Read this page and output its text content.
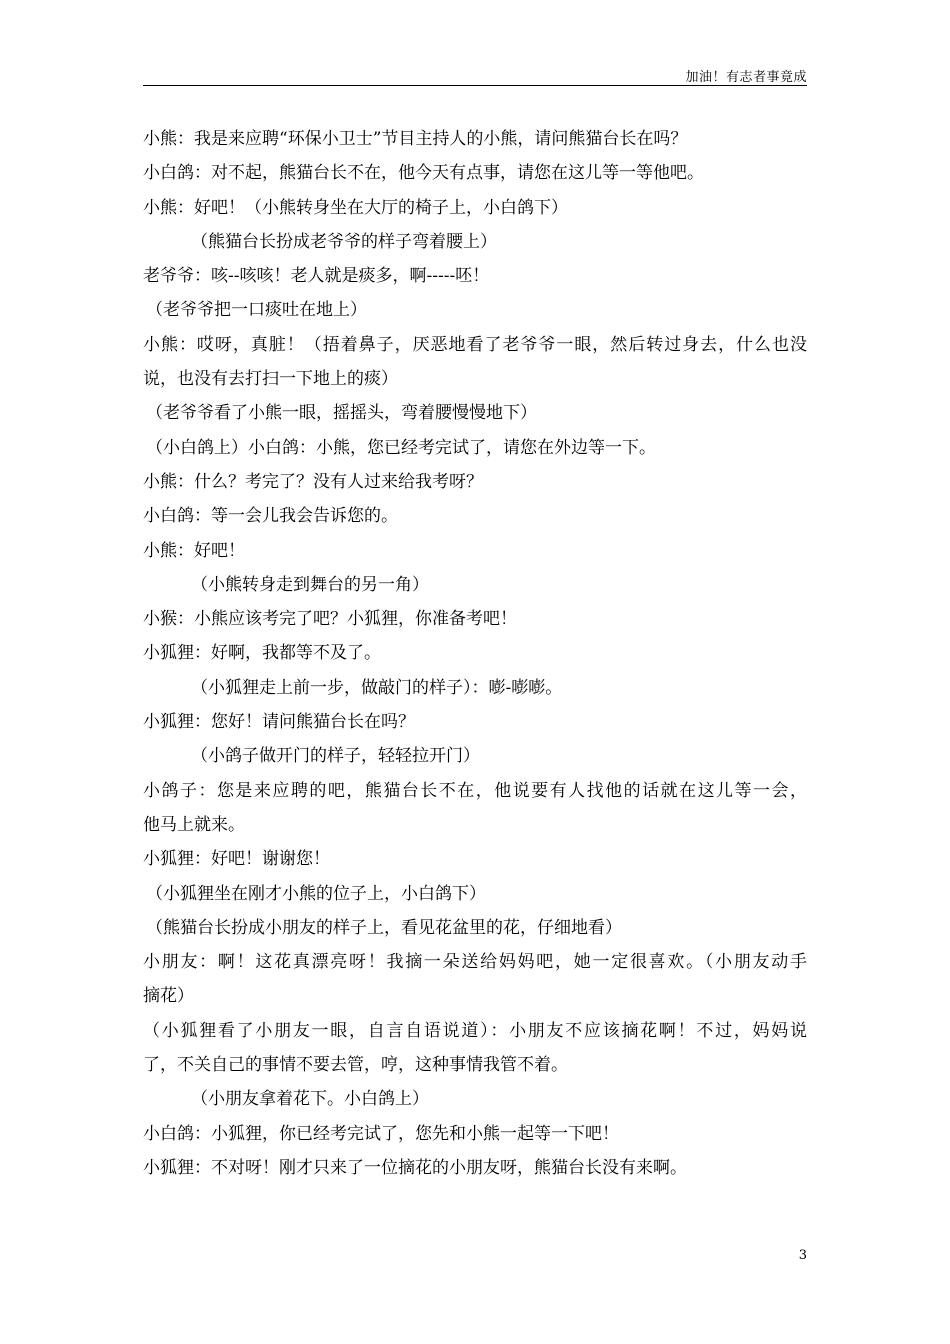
加油！有志者事竟成
小熊：我是来应聘“环保小卫士”节目主持人的小熊，请问熊猫台长在吗？
小白鸽：对不起，熊猫台长不在，他今天有点事，请您在这儿等一等他吧。
小熊：好吧！（小熊转身坐在大厅的椅子上，小白鸽下）
（熊猫台长扮成老爷爷的样子弯着腰上）
老爷爷：咳--咳咳！老人就是痰多，啊-----呸！
（老爷爷把一口痰吐在地上）
小熊：哎呀，真脏！（捂着鼻子，厌恶地看了老爷爷一眼，然后转过身去，什么也没
说，也没有去打扫一下地上的痰）
（老爷爷看了小熊一眼，摇摇头，弯着腰慢慢地下）
（小白鸽上）小白鸽：小熊，您已经考完试了，请您在外边等一下。
小熊：什么？考完了？没有人过来给我考呀？
小白鸽：等一会儿我会告诉您的。
小熊：好吧！
（小熊转身走到舞台的另一角）
小猴：小熊应该考完了吧？小狐狸，你准备考吧！
小狐狸：好啊，我都等不及了。
（小狐狸走上前一步，做敲门的样子）：嘭-嘭嘭。
小狐狸：您好！请问熊猫台长在吗？
（小鸽子做开门的样子，轻轻拉开门）
小鸽子：您是来应聘的吧，熊猫台长不在，他说要有人找他的话就在这儿等一会，
他马上就来。
小狐狸：好吧！谢谢您！
（小狐狸坐在刚才小熊的位子上，小白鸽下）
（熊猫台长扮成小朋友的样子上，看见花盆里的花，仔细地看）
小朋友：啊！这花真漂亮呀！我摘一朵送给妈妈吧，她一定很喜欢。（小朋友动手
摘花）
（小狐狸看了小朋友一眼，自言自语说道）：小朋友不应该摘花啊！不过，妈妈说
了，不关自己的事情不要去管，哼，这种事情我管不着。
（小朋友拿着花下。小白鸽上）
小白鸽：小狐狸，你已经考完试了，您先和小熊一起等一下吧！
小狐狸：不对呀！刚才只来了一位摘花的小朋友呀，熊猫台长没有来啊。
3
